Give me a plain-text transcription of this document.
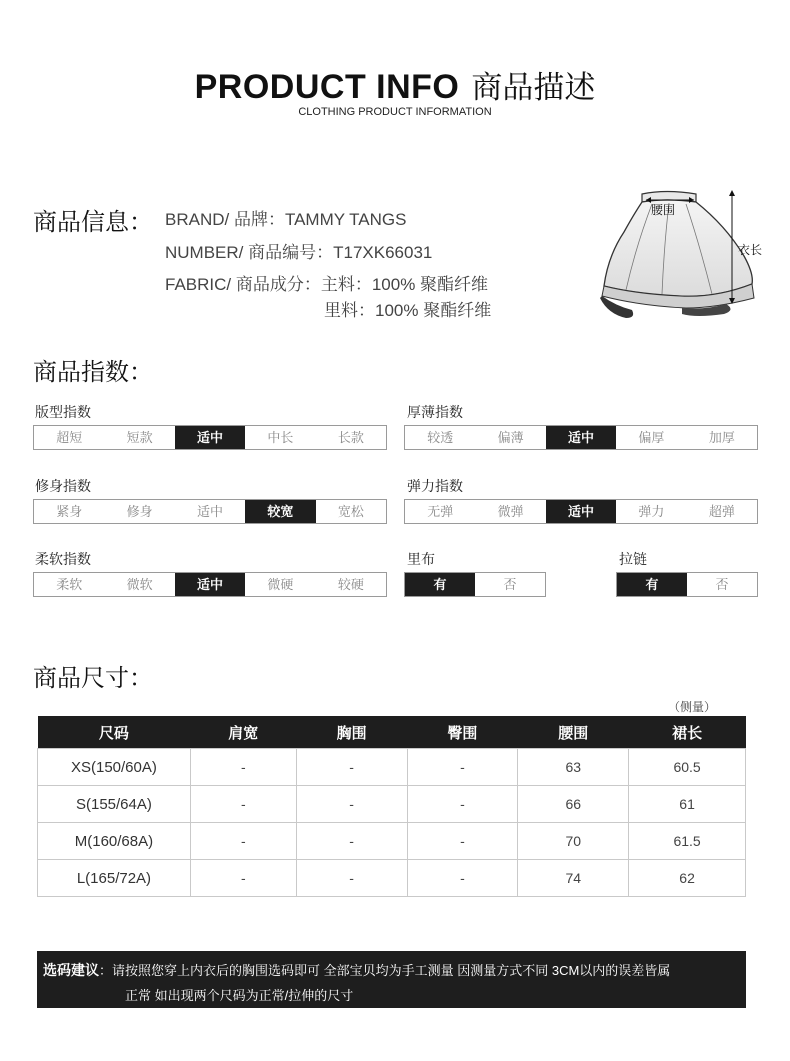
PRODUCT INFO 商品描述
CLOTHING PRODUCT INFORMATION
商品信息： BRAND/ 品牌：TAMMY TANGS
NUMBER/ 商品编号：T17XK66031
FABRIC/ 商品成分：主料：100% 聚酯纤维
里料：100% 聚酯纤维
腰围
衣长
商品指数：
版型指数
超短	短款	适中	中长	长款
厚薄指数
较透	偏薄	适中	偏厚	加厚
修身指数
紧身	修身	适中	较宽	宽松
弹力指数
无弹	微弹	适中	弹力	超弹
柔软指数
柔软	微软	适中	微硬	较硬
里布
有	否
拉链
有	否
商品尺寸：
（侧量）
尺码	肩宽	胸围	臀围	腰围	裙长
XS(150/60A)	-	-	-	63	60.5
S(155/64A)	-	-	-	66	61
M(160/68A)	-	-	-	70	61.5
L(165/72A)	-	-	-	74	62
选码建议：请按照您穿上内衣后的胸围选码即可 全部宝贝均为手工测量 因测量方式不同 3CM以内的误差皆属
正常 如出现两个尺码为正常/拉伸的尺寸
